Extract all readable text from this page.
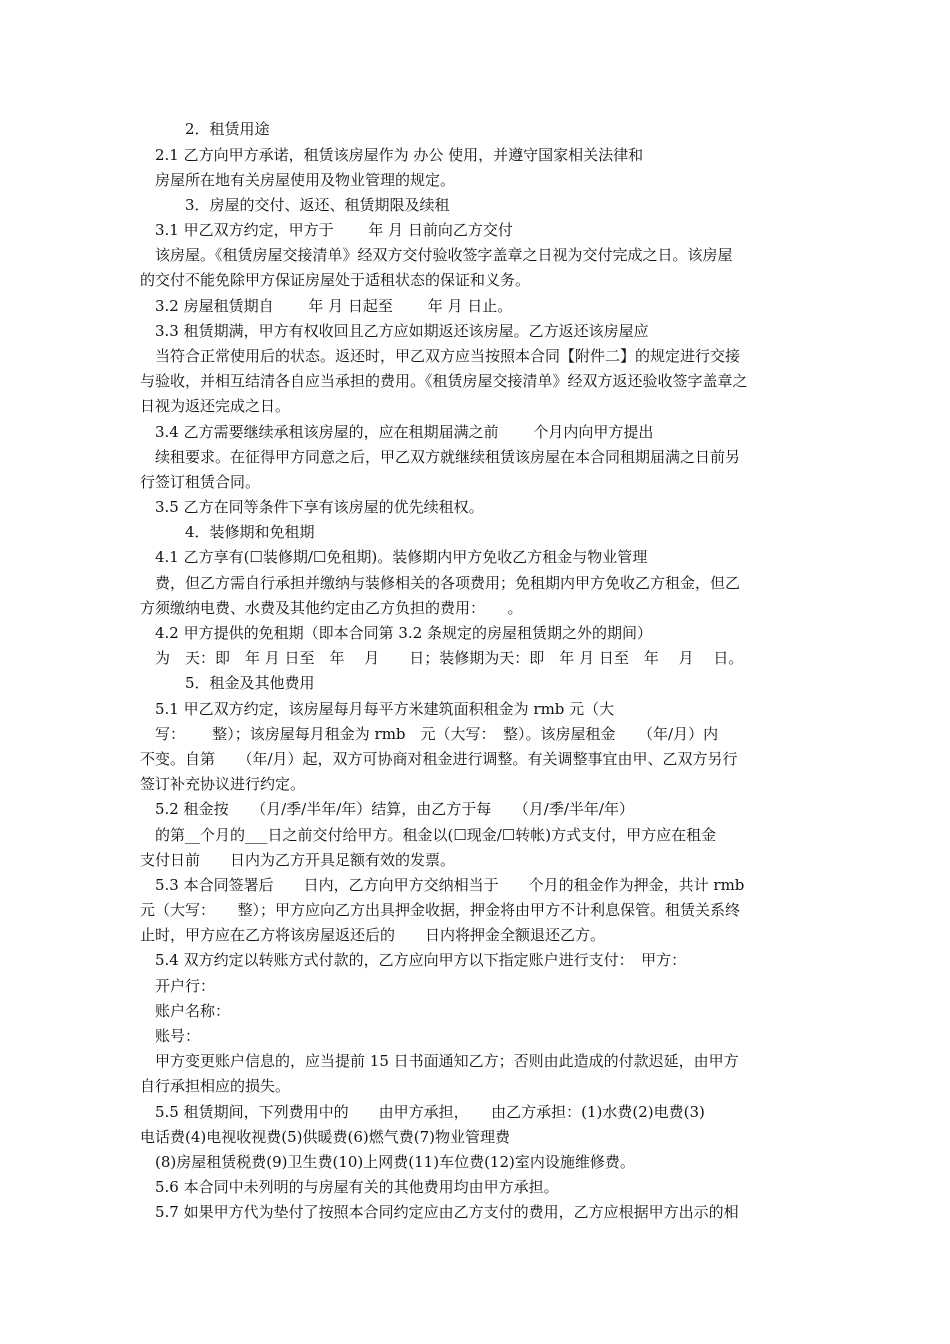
　　　2．租赁用途
　2.1 乙方向甲方承诺，租赁该房屋作为 办公 使用，并遵守国家相关法律和
　房屋所在地有关房屋使用及物业管理的规定。
　　　3．房屋的交付、返还、租赁期限及续租
　3.1 甲乙双方约定，甲方于　　 年 月 日前向乙方交付
　该房屋。《租赁房屋交接清单》经双方交付验收签字盖章之日视为交付完成之日。该房屋
的交付不能免除甲方保证房屋处于适租状态的保证和义务。
　3.2 房屋租赁期自　　 年 月 日起至　　 年 月 日止。
　3.3 租赁期满，甲方有权收回且乙方应如期返还该房屋。乙方返还该房屋应
　当符合正常使用后的状态。返还时，甲乙双方应当按照本合同【附件二】的规定进行交接
与验收，并相互结清各自应当承担的费用。《租赁房屋交接清单》经双方返还验收签字盖章之
日视为返还完成之日。
　3.4 乙方需要继续承租该房屋的，应在租期届满之前　　 个月内向甲方提出
　续租要求。在征得甲方同意之后，甲乙双方就继续租赁该房屋在本合同租期届满之日前另
行签订租赁合同。
　3.5 乙方在同等条件下享有该房屋的优先续租权。
　　　4．装修期和免租期
　4.1 乙方享有(☐装修期/☐免租期)。装修期内甲方免收乙方租金与物业管理
　费，但乙方需自行承担并缴纳与装修相关的各项费用；免租期内甲方免收乙方租金，但乙
方须缴纳电费、水费及其他约定由乙方负担的费用：　　。
　4.2 甲方提供的免租期（即本合同第 3.2 条规定的房屋租赁期之外的期间）
　为　天：即　年 月 日至　年　 月　　日；装修期为天：即　年 月 日至　年　 月　 日。
　　　5．租金及其他费用
　5.1 甲乙双方约定，该房屋每月每平方米建筑面积租金为 rmb 元（大
　写：　　 整）；该房屋每月租金为 rmb　元（大写：　整）。该房屋租金　　（年/月）内
不变。自第　　（年/月）起，双方可协商对租金进行调整。有关调整事宜由甲、乙双方另行
签订补充协议进行约定。
　5.2 租金按　　（月/季/半年/年）结算，由乙方于每　　（月/季/半年/年）
　的第__个月的___日之前交付给甲方。租金以(☐现金/☐转帐)方式支付，甲方应在租金
支付日前　　日内为乙方开具足额有效的发票。
　5.3 本合同签署后　　日内，乙方向甲方交纳相当于　　个月的租金作为押金，共计 rmb
元（大写：　　整）；甲方应向乙方出具押金收据，押金将由甲方不计利息保管。租赁关系终
止时，甲方应在乙方将该房屋返还后的　　日内将押金全额退还乙方。
　5.4 双方约定以转账方式付款的，乙方应向甲方以下指定账户进行支付：　甲方：
　开户行：
　账户名称：
　账号：
　甲方变更账户信息的，应当提前 15 日书面通知乙方；否则由此造成的付款迟延，由甲方
自行承担相应的损失。
　5.5 租赁期间，下列费用中的　　由甲方承担，　　由乙方承担：(1)水费(2)电费(3)
电话费(4)电视收视费(5)供暖费(6)燃气费(7)物业管理费
　(8)房屋租赁税费(9)卫生费(10)上网费(11)车位费(12)室内设施维修费。
　5.6 本合同中未列明的与房屋有关的其他费用均由甲方承担。
　5.7 如果甲方代为垫付了按照本合同约定应由乙方支付的费用，乙方应根据甲方出示的相
